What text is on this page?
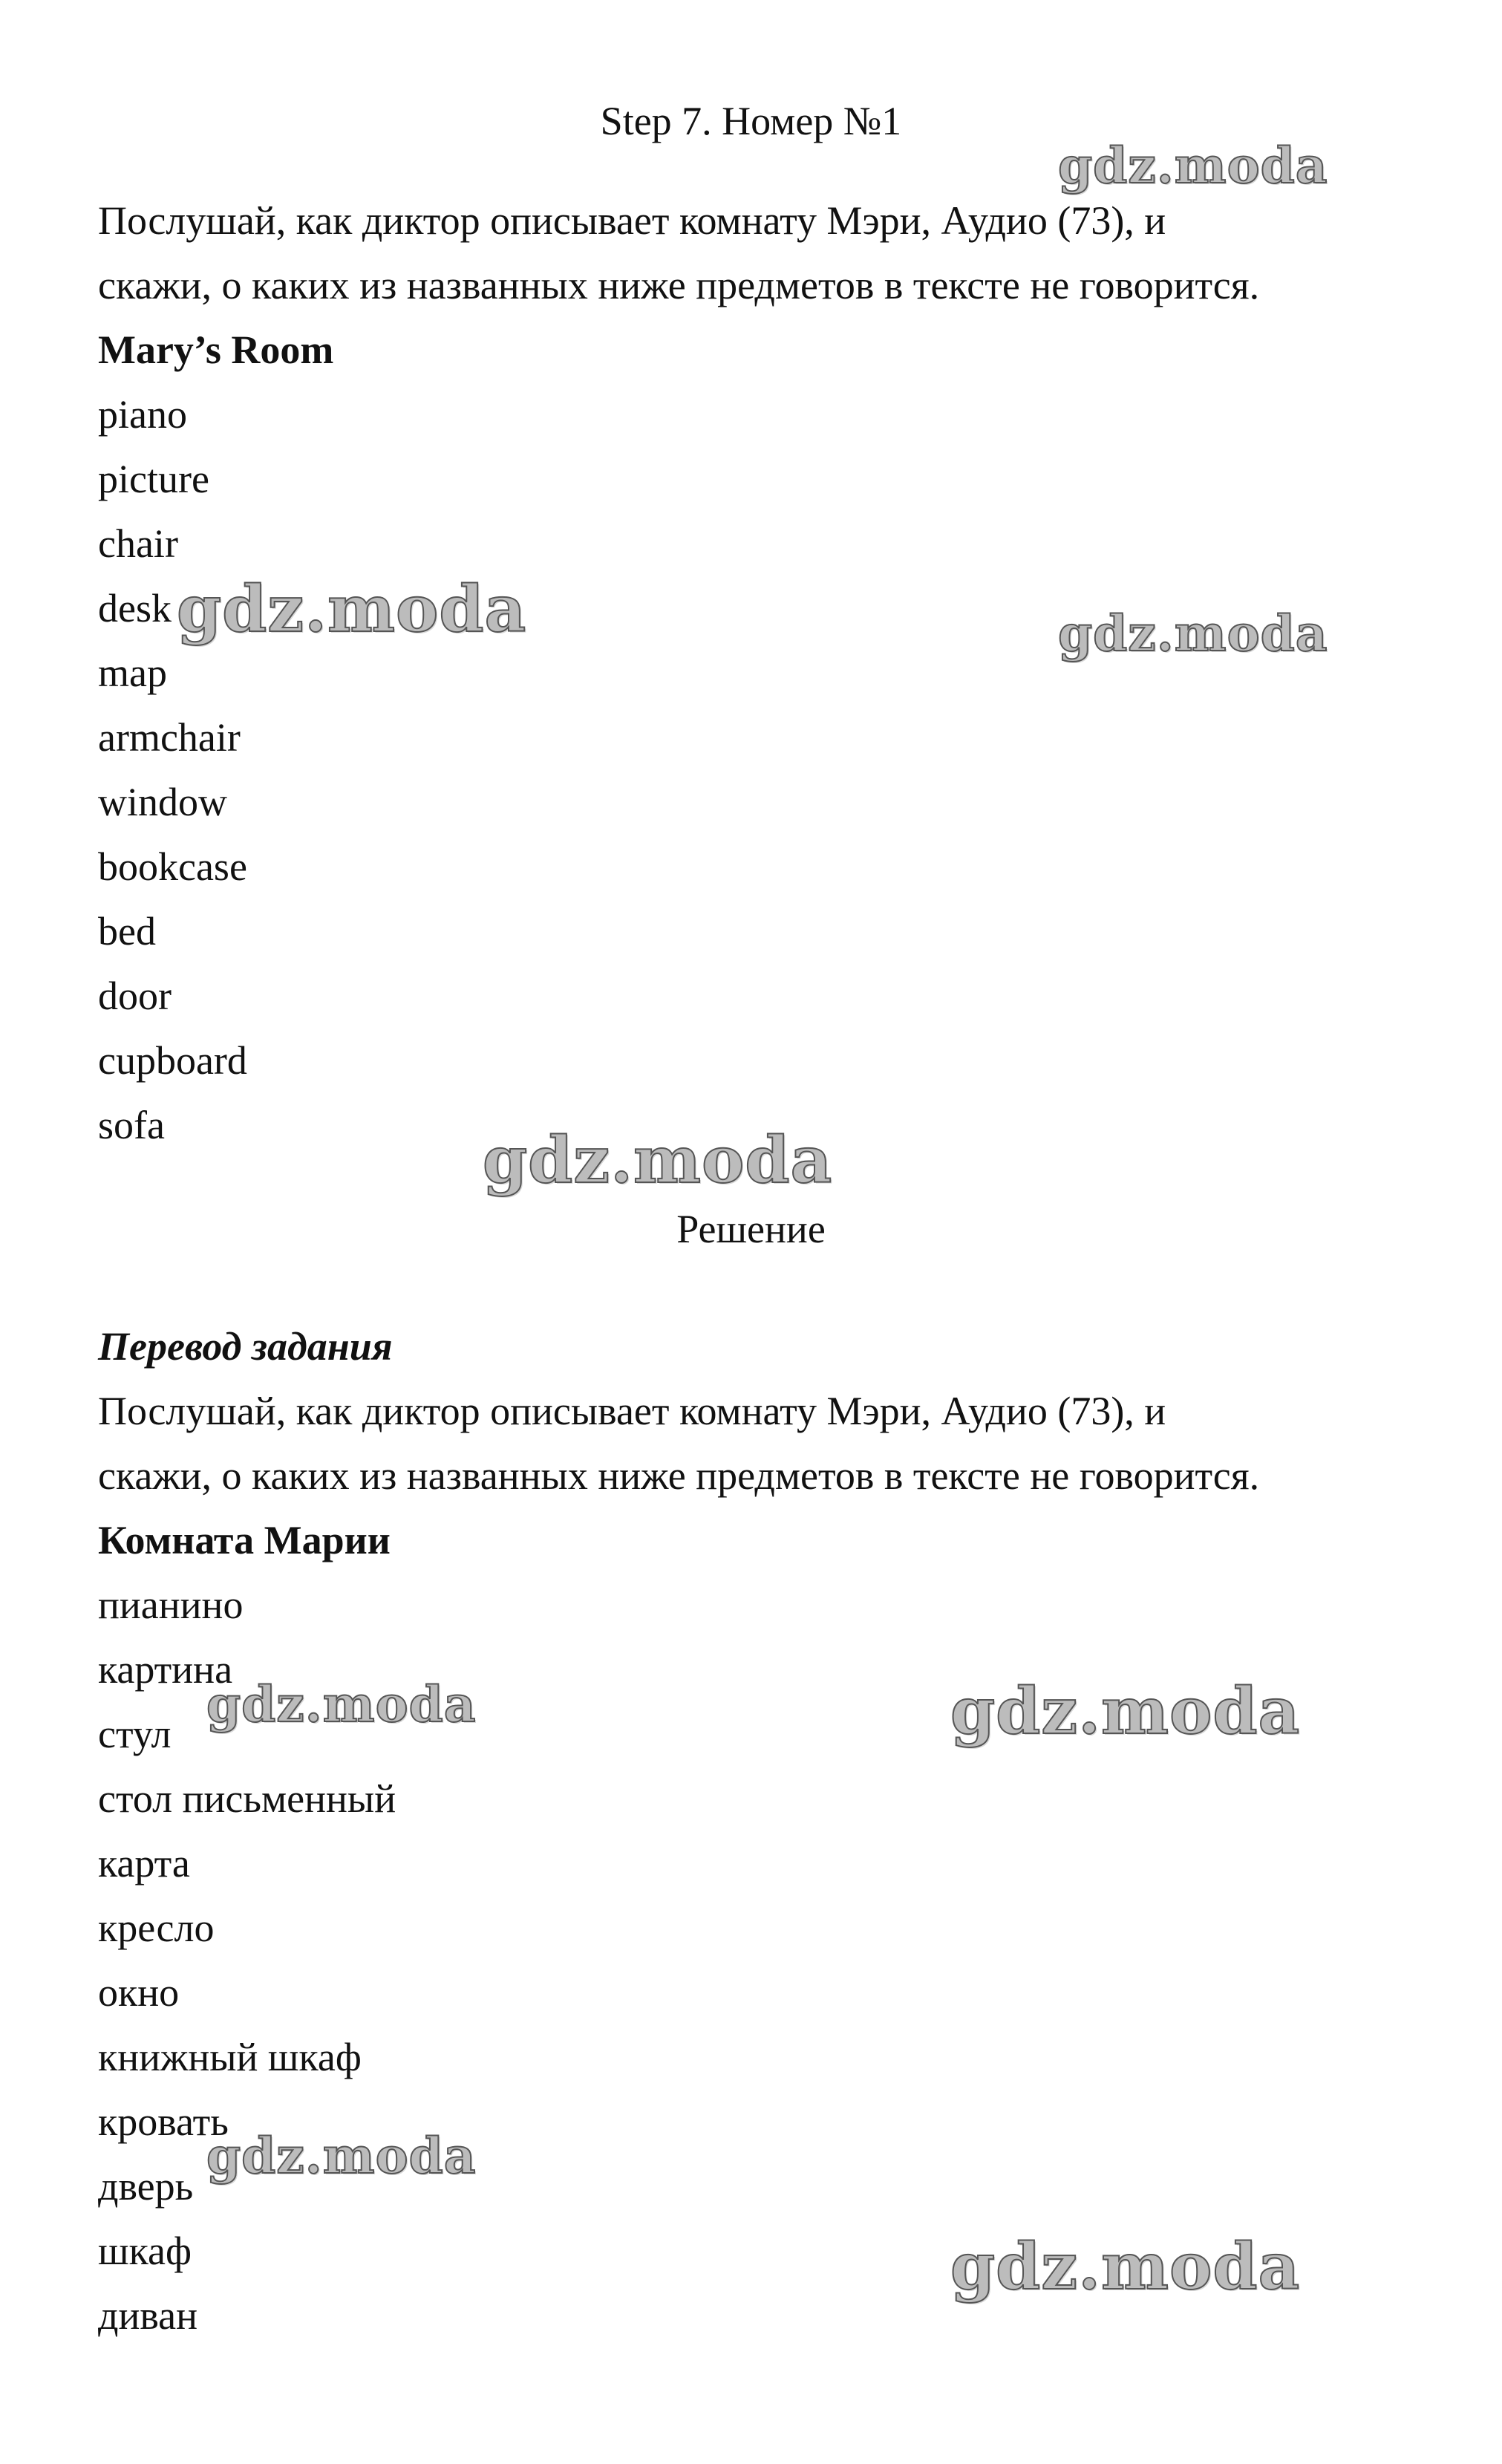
Step 7. Номер №1
Послушай, как диктор описывает комнату Мэри, Аудио (73), и
скажи, о каких из названных ниже предметов в тексте не говорится.
Mary’s Room
piano
picture
chair
desk
map
armchair
window
bookcase
bed
door
cupboard
sofa
Решение
Перевод задания
Послушай, как диктор описывает комнату Мэри, Аудио (73), и
скажи, о каких из названных ниже предметов в тексте не говорится.
Комната Марии
пианино
картина
стул
стол письменный
карта
кресло
окно
книжный шкаф
кровать
дверь
шкаф
диван
gdz.moda
gdz.moda	gdz.moda
gdz.moda
gdz.moda	gdz.moda
gdz.moda
gdz.moda
